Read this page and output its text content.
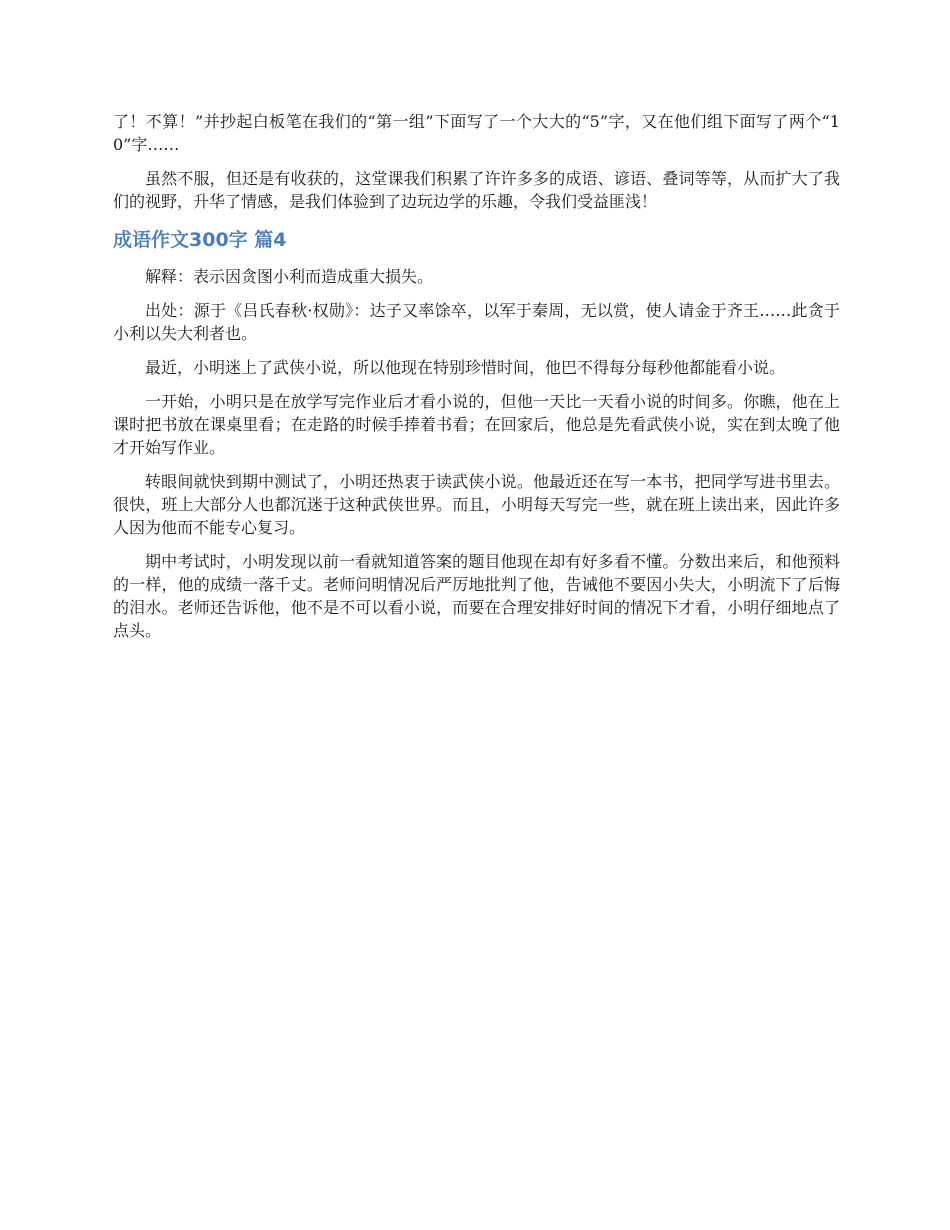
了！不算！”并抄起白板笔在我们的“第一组”下面写了一个大大的“5”字，又在他们组下面写了两个“10”字……

虽然不服，但还是有收获的，这堂课我们积累了许许多多的成语、谚语、叠词等等，从而扩大了我们的视野，升华了情感，是我们体验到了边玩边学的乐趣，令我们受益匪浅！

成语作文300字 篇4

解释：表示因贪图小利而造成重大损失。

出处：源于《吕氏春秋·权勋》：达子又率馀卒，以军于秦周，无以赏，使人请金于齐王……此贪于小利以失大利者也。

最近，小明迷上了武侠小说，所以他现在特别珍惜时间，他巴不得每分每秒他都能看小说。

一开始，小明只是在放学写完作业后才看小说的，但他一天比一天看小说的时间多。你瞧，他在上课时把书放在课桌里看；在走路的时候手捧着书看；在回家后，他总是先看武侠小说，实在到太晚了他才开始写作业。

转眼间就快到期中测试了，小明还热衷于读武侠小说。他最近还在写一本书，把同学写进书里去。很快，班上大部分人也都沉迷于这种武侠世界。而且，小明每天写完一些，就在班上读出来，因此许多人因为他而不能专心复习。

期中考试时，小明发现以前一看就知道答案的题目他现在却有好多看不懂。分数出来后，和他预料的一样，他的成绩一落千丈。老师问明情况后严厉地批判了他，告诫他不要因小失大，小明流下了后悔的泪水。老师还告诉他，他不是不可以看小说，而要在合理安排好时间的情况下才看，小明仔细地点了点头。
